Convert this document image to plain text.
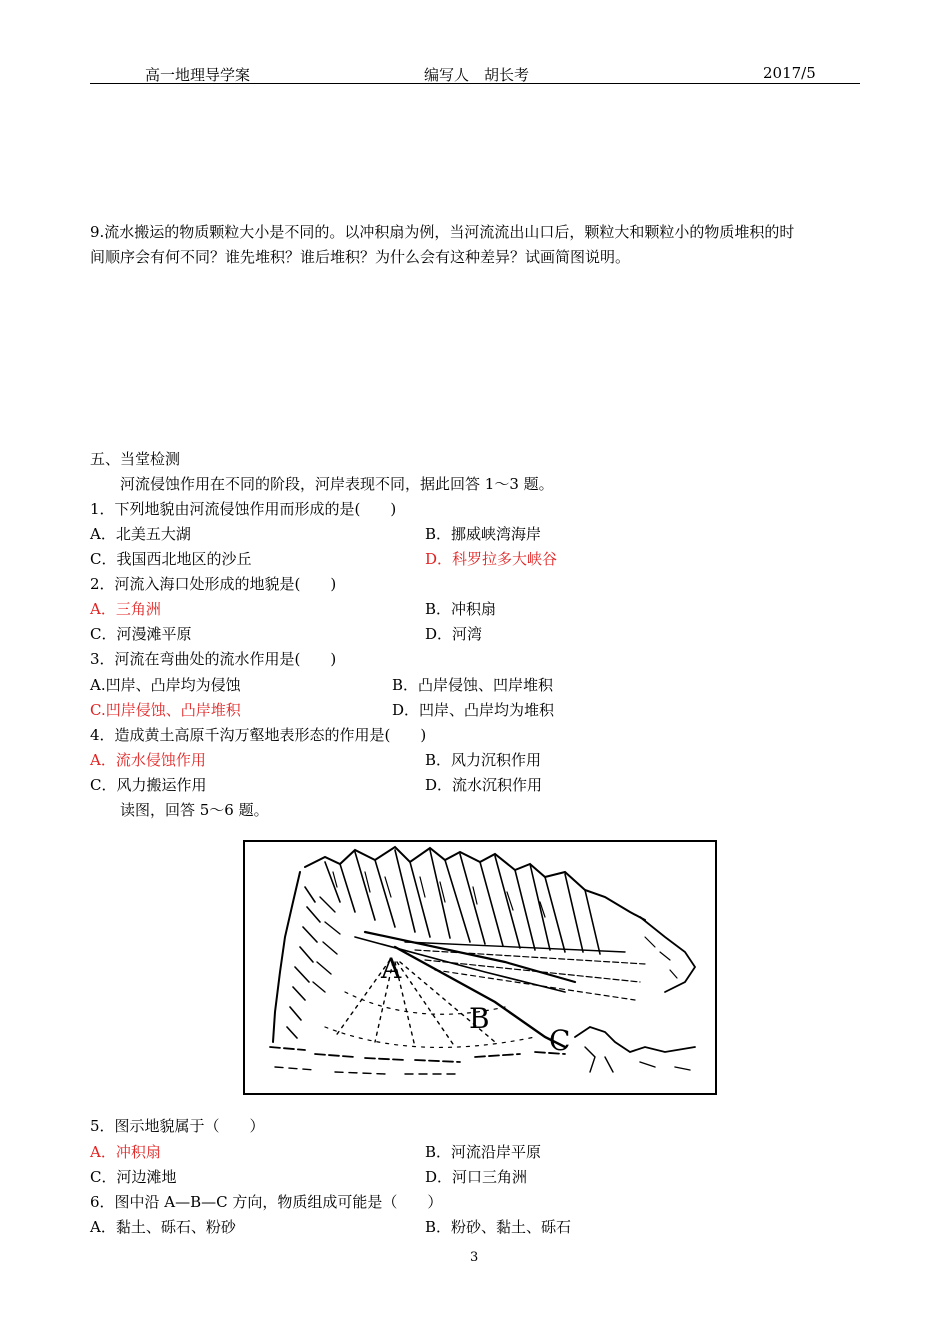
高一地理导学案	编写人　胡长考	2017/5
9.流水搬运的物质颗粒大小是不同的。以冲积扇为例，当河流流出山口后，颗粒大和颗粒小的物质堆积的时
间顺序会有何不同？谁先堆积？谁后堆积？为什么会有这种差异？试画简图说明。
五、当堂检测
河流侵蚀作用在不同的阶段，河岸表现不同，据此回答 1～3 题。
1．下列地貌由河流侵蚀作用而形成的是(　　)
A．北美五大湖	B．挪威峡湾海岸
C．我国西北地区的沙丘	D．科罗拉多大峡谷
2．河流入海口处形成的地貌是(　　)
A．三角洲	B．冲积扇
C．河漫滩平原	D．河湾
3．河流在弯曲处的流水作用是(　　)
A.凹岸、凸岸均为侵蚀	B．凸岸侵蚀、凹岸堆积
C.凹岸侵蚀、凸岸堆积	D．凹岸、凸岸均为堆积
4．造成黄土高原千沟万壑地表形态的作用是(　　)
A．流水侵蚀作用	B．风力沉积作用
C．风力搬运作用	D．流水沉积作用
读图，回答 5～6 题。
A
B
C
5．图示地貌属于（　　）
A．冲积扇	B．河流沿岸平原
C．河边滩地	D．河口三角洲
6．图中沿 A—B—C 方向，物质组成可能是（　　）
A．黏土、砾石、粉砂	B．粉砂、黏土、砾石
3
